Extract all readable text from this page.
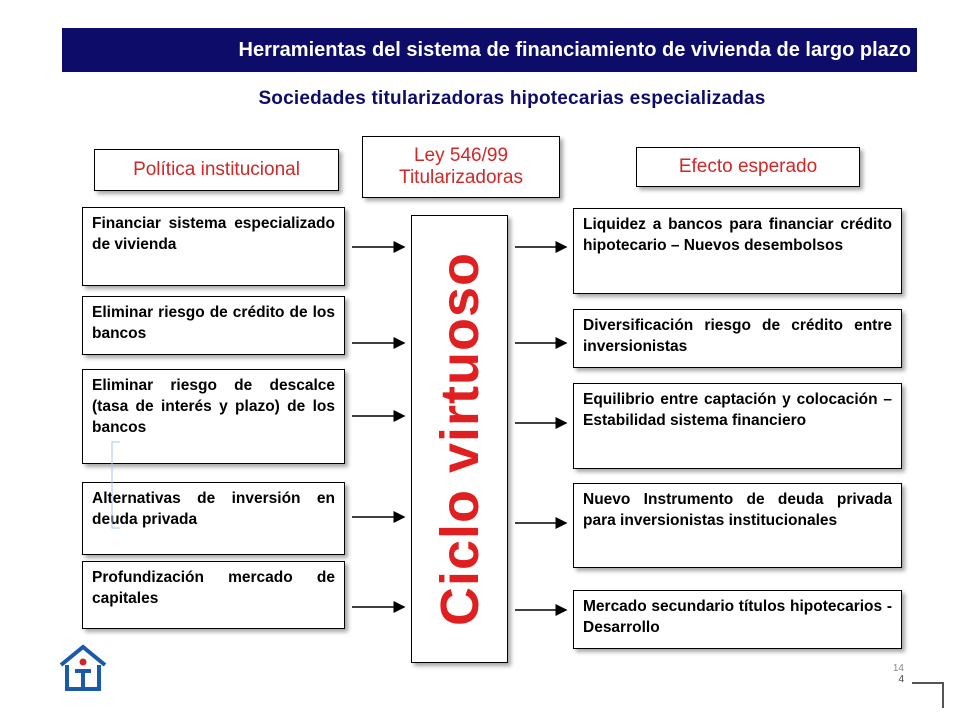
Herramientas del sistema de financiamiento de vivienda de largo plazo
Sociedades titularizadoras hipotecarias especializadas
Política institucional
Ley 546/99
Titularizadoras
Efecto esperado
Financiar sistema especializado de vivienda
Eliminar riesgo de crédito de los bancos
Eliminar riesgo de descalce (tasa de interés y plazo) de los bancos
Alternativas de inversión en deuda privada
Profundización mercado de capitales	Ciclo virtuoso
Liquidez a bancos para financiar crédito hipotecario – Nuevos desembolsos
Diversificación riesgo de crédito entre inversionistas
Equilibrio entre captación y colocación – Estabilidad sistema financiero
Nuevo Instrumento de deuda privada para inversionistas institucionales
Mercado secundario títulos hipotecarios - Desarrollo
14
4
